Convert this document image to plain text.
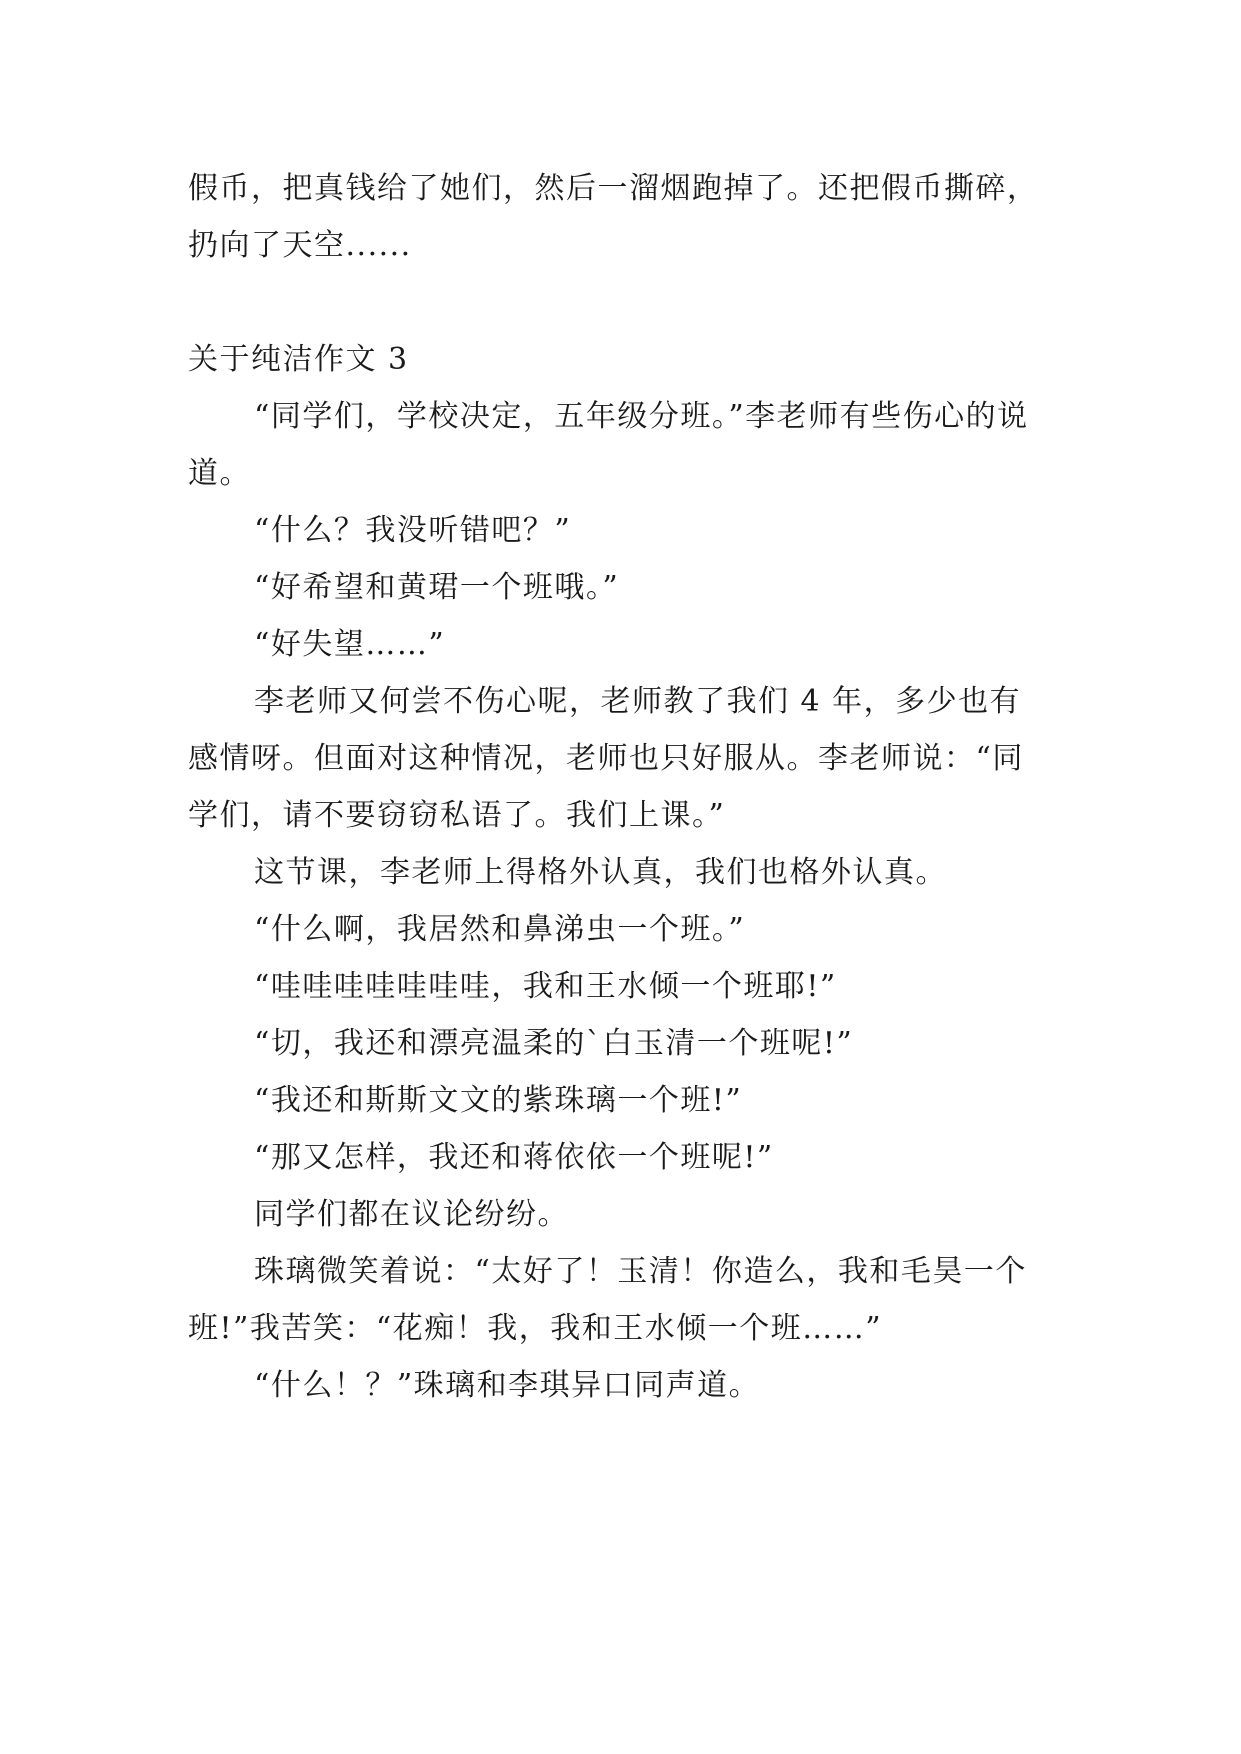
假币，把真钱给了她们，然后一溜烟跑掉了。还把假币撕碎，扔向了天空......

关于纯洁作文 3

“同学们，学校决定，五年级分班。”李老师有些伤心的说道。

“什么？我没听错吧？”

“好希望和黄珺一个班哦。”

“好失望……”

李老师又何尝不伤心呢，老师教了我们 4 年，多少也有感情呀。但面对这种情况，老师也只好服从。李老师说：“同学们，请不要窃窃私语了。我们上课。”

这节课，李老师上得格外认真，我们也格外认真。

“什么啊，我居然和鼻涕虫一个班。”

“哇哇哇哇哇哇哇，我和王水倾一个班耶!”

“切，我还和漂亮温柔的`白玉清一个班呢!”

“我还和斯斯文文的紫珠璃一个班!”

“那又怎样，我还和蒋依依一个班呢!”

同学们都在议论纷纷。

珠璃微笑着说：“太好了！玉清！你造么，我和毛昊一个班!”我苦笑：“花痴！我，我和王水倾一个班……”

“什么！？”珠璃和李琪异口同声道。
